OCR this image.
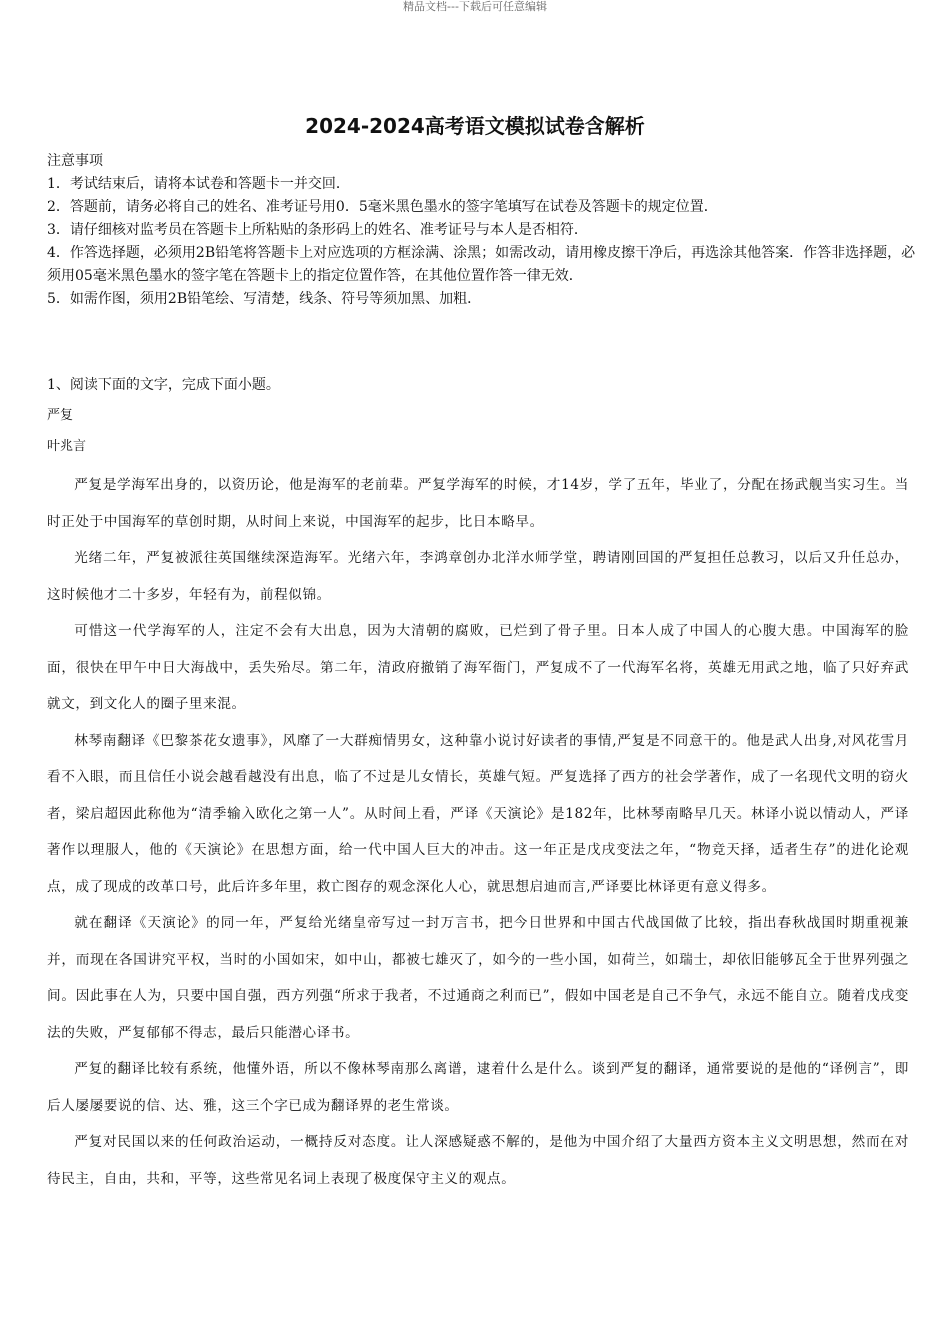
精品文档---下载后可任意编辑
2024-2024高考语文模拟试卷含解析
注意事项
1．考试结束后，请将本试卷和答题卡一并交回．
2．答题前，请务必将自己的姓名、准考证号用0．5毫米黑色墨水的签字笔填写在试卷及答题卡的规定位置．
3．请仔细核对监考员在答题卡上所粘贴的条形码上的姓名、准考证号与本人是否相符．
4．作答选择题，必须用2B铅笔将答题卡上对应选项的方框涂满、涂黑；如需改动，请用橡皮擦干净后，再选涂其他答案．作答非选择题，必须用05毫米黑色墨水的签字笔在答题卡上的指定位置作答，在其他位置作答一律无效．
5．如需作图，须用2B铅笔绘、写清楚，线条、符号等须加黑、加粗．

1、阅读下面的文字，完成下面小题。

严复

叶兆言

严复是学海军出身的，以资历论，他是海军的老前辈。严复学海军的时候，才14岁，学了五年，毕业了，分配在扬武舰当实习生。当时正处于中国海军的草创时期，从时间上来说，中国海军的起步，比日本略早。

光绪二年，严复被派往英国继续深造海军。光绪六年，李鸿章创办北洋水师学堂，聘请刚回国的严复担任总教习，以后又升任总办，这时候他才二十多岁，年轻有为，前程似锦。

可惜这一代学海军的人，注定不会有大出息，因为大清朝的腐败，已烂到了骨子里。日本人成了中国人的心腹大患。中国海军的脸面，很快在甲午中日大海战中，丢失殆尽。第二年，清政府撤销了海军衙门，严复成不了一代海军名将，英雄无用武之地，临了只好弃武就文，到文化人的圈子里来混。

林琴南翻译《巴黎茶花女遗事》，风靡了一大群痴情男女，这种靠小说讨好读者的事情,严复是不同意干的。他是武人出身,对风花雪月看不入眼，而且信任小说会越看越没有出息，临了不过是儿女情长，英雄气短。严复选择了西方的社会学著作，成了一名现代文明的窃火者，梁启超因此称他为“清季输入欧化之第一人”。从时间上看，严译《天演论》是182年，比林琴南略早几天。林译小说以情动人，严译著作以理服人，他的《天演论》在思想方面，给一代中国人巨大的冲击。这一年正是戊戌变法之年，“物竞天择，适者生存”的进化论观点，成了现成的改革口号，此后许多年里，救亡图存的观念深化人心，就思想启迪而言,严译要比林译更有意义得多。

就在翻译《天演论》的同一年，严复给光绪皇帝写过一封万言书，把今日世界和中国古代战国做了比较，指出春秋战国时期重视兼并，而现在各国讲究平权，当时的小国如宋，如中山，都被七雄灭了，如今的一些小国，如荷兰，如瑞士，却依旧能够瓦全于世界列强之间。因此事在人为，只要中国自强，西方列强“所求于我者，不过通商之利而已”，假如中国老是自己不争气，永远不能自立。随着戊戌变法的失败，严复郁郁不得志，最后只能潜心译书。

严复的翻译比较有系统，他懂外语，所以不像林琴南那么离谱，逮着什么是什么。谈到严复的翻译，通常要说的是他的“译例言”，即后人屡屡要说的信、达、雅，这三个字已成为翻译界的老生常谈。

严复对民国以来的任何政治运动，一概持反对态度。让人深感疑惑不解的，是他为中国介绍了大量西方资本主义文明思想，然而在对待民主，自由，共和，平等，这些常见名词上表现了极度保守主义的观点。
